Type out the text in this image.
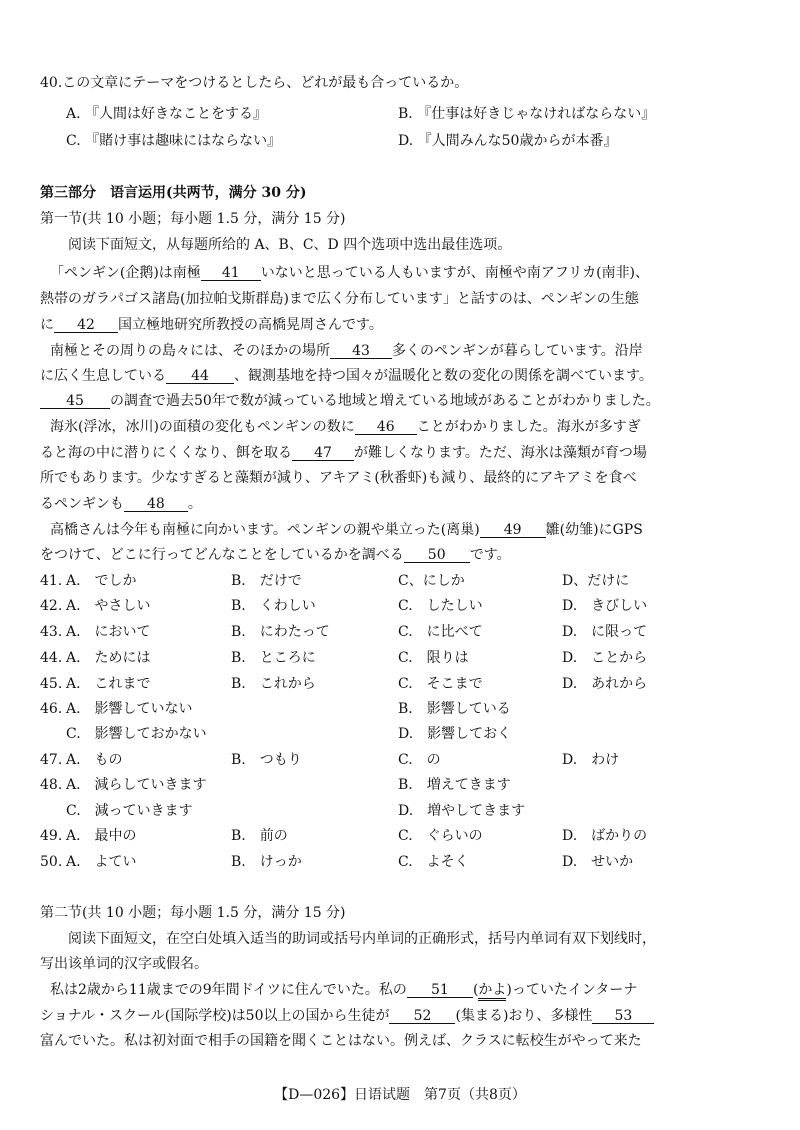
40.この文章にテーマをつけるとしたら、どれが最も合っているか。
A. 『人間は好きなことをする』	B. 『仕事は好きじゃなければならない』
C. 『賭け事は趣味にはならない』	D. 『人間みんな50歳からが本番』
第三部分　语言运用(共两节，满分 30 分)
第一节(共 10 小题；每小题 1.5 分，满分 15 分)
阅读下面短文，从每题所给的 A、B、C、D 四个选项中选出最佳选项。
「ペンギン(企鹅)は南極 41 いないと思っている人もいますが、南極や南アフリカ(南非)、
熱帯のガラパゴス諸島(加拉帕戈斯群島)まで広く分布しています」と話すのは、ペンギンの生態
に 42 国立極地研究所教授の高橋晃周さんです。
南極とその周りの島々には、そのほかの場所 43 多くのペンギンが暮らしています。沿岸
に広く生息している 44 、観測基地を持つ国々が温暖化と数の変化の関係を調べています。
45 の調査で過去50年で数が減っている地域と増えている地域があることがわかりました。
海氷(浮冰，冰川)の面積の変化もペンギンの数に 46 ことがわかりました。海氷が多すぎ
ると海の中に潜りにくくなり、餌を取る 47 が難しくなります。ただ、海氷は藻類が育つ場
所でもあります。少なすぎると藻類が減り、アキアミ(秋番虾)も減り、最終的にアキアミを食べ
るペンギンも 48 。
高橋さんは今年も南極に向かいます。ペンギンの親や巣立った(离巢) 49 雛(幼雏)にGPS
をつけて、どこに行ってどんなことをしているかを調べる 50 です。
41. A.　でしか	B.　だけで	C、にしか	D、だけに
42. A.　やさしい	B.　くわしい	C.　したしい	D.　きびしい
43. A.　において	B.　にわたって	C.　に比べて	D.　に限って
44. A.　ためには	B.　ところに	C.　限りは	D.　ことから
45. A.　これまで	B.　これから	C.　そこまで	D.　あれから
46. A.　影響していない	B.　影響している
C.　影響しておかない	D.　影響しておく
47. A.　もの	B.　つもり	C.　の	D.　わけ
48. A.　減らしていきます	B.　増えてきます
C.　減っていきます	D.　増やしてきます
49. A.　最中の	B.　前の	C.　ぐらいの	D.　ばかりの
50. A.　よてい	B.　けっか	C.　よそく	D.　せいか
第二节(共 10 小题；每小题 1.5 分，满分 15 分)
阅读下面短文，在空白处填入适当的助词或括号内单词的正确形式，括号内单词有双下划线时，
写出该单词的汉字或假名。
私は2歳から11歳までの9年間ドイツに住んでいた。私の 51 (かよ)っていたインターナ
ショナル・スクール(国际学校)は50以上の国から生徒が 52 (集まる)おり、多様性 53
富んでいた。私は初対面で相手の国籍を聞くことはない。例えば、クラスに転校生がやって来た
【D—026】日语试题　第7页（共8页）
